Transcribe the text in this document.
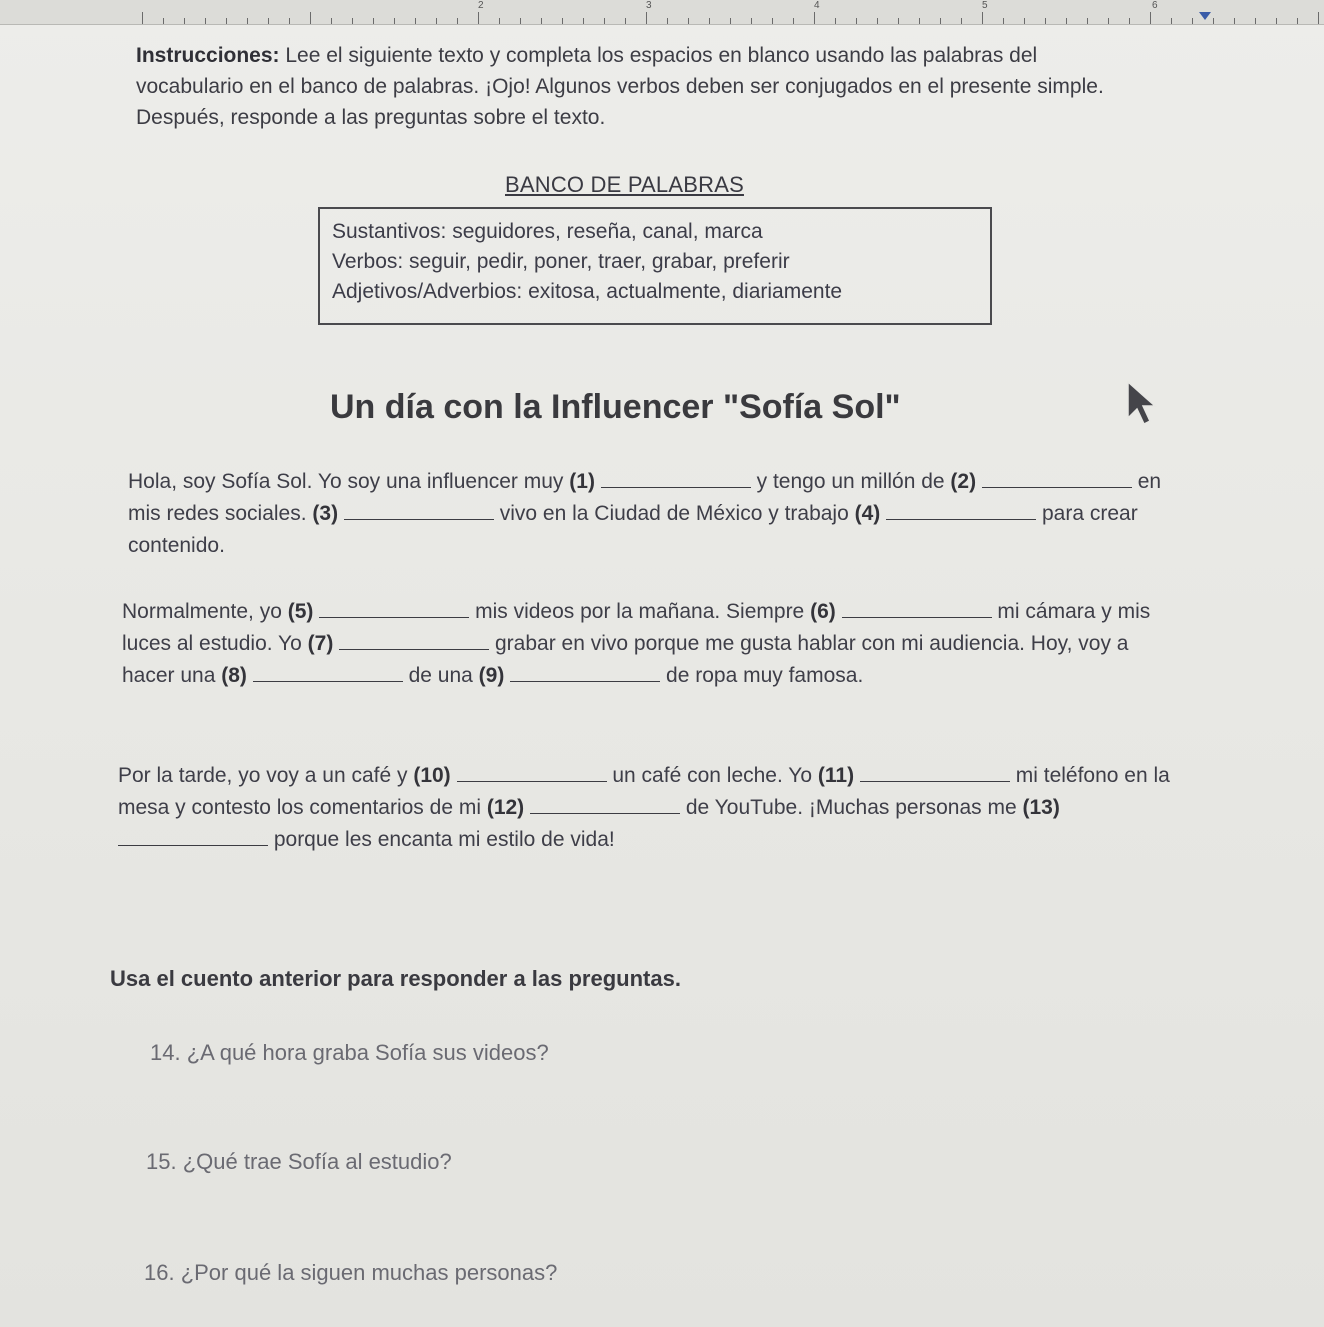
2	3	4	5	6
Instrucciones: Lee el siguiente texto y completa los espacios en blanco usando las palabras del vocabulario en el banco de palabras. ¡Ojo! Algunos verbos deben ser conjugados en el presente simple. Después, responde a las preguntas sobre el texto.
BANCO DE PALABRAS
Sustantivos: seguidores, reseña, canal, marca
Verbos: seguir, pedir, poner, traer, grabar, preferir
Adjetivos/Adverbios: exitosa, actualmente, diariamente
Un día con la Influencer "Sofía Sol"
Hola, soy Sofía Sol. Yo soy una influencer muy (1)	y tengo un millón de (2)	en mis redes sociales. (3)	vivo en la Ciudad de México y trabajo (4)	para crear contenido.
Normalmente, yo (5)	mis videos por la mañana. Siempre (6)	mi cámara y mis luces al estudio. Yo (7)	grabar en vivo porque me gusta hablar con mi audiencia. Hoy, voy a hacer una (8)	de una (9)	de ropa muy famosa.
Por la tarde, yo voy a un café y (10)	un café con leche. Yo (11)	mi teléfono en la mesa y contesto los comentarios de mi (12)	de YouTube. ¡Muchas personas me (13)  porque les encanta mi estilo de vida!
Usa el cuento anterior para responder a las preguntas.
14. ¿A qué hora graba Sofía sus videos?
15. ¿Qué trae Sofía al estudio?
16. ¿Por qué la siguen muchas personas?
